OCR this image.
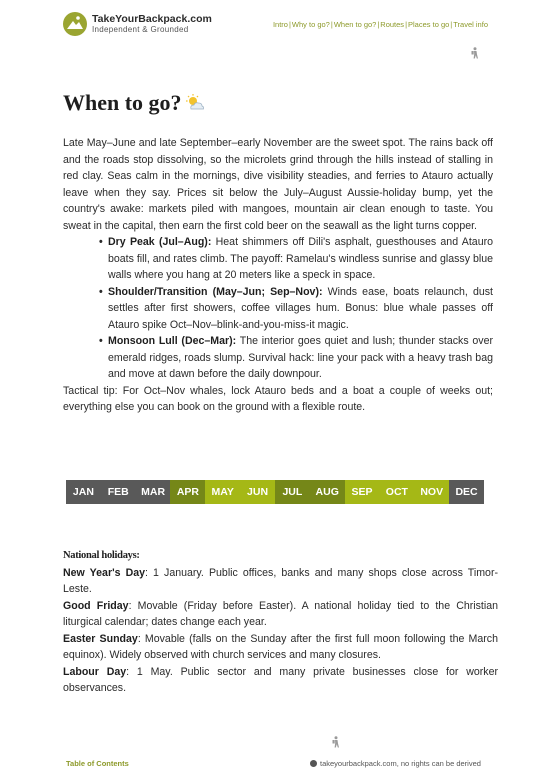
TakeYourBackpack.com
Independent & Grounded
Intro | Why to go? | When to go? | Routes | Places to go | Travel info
When to go?

Late May–June and late September–early November are the sweet spot. The rains back off and the roads stop dissolving, so the microlets grind through the hills instead of stalling in red clay. Seas calm in the mornings, dive visibility steadies, and ferries to Atauro actually leave when they say. Prices sit below the July–August Aussie-holiday bump, yet the country's awake: markets piled with mangoes, mountain air clean enough to taste. You sweat in the capital, then earn the first cold beer on the seawall as the light turns copper.

• Dry Peak (Jul–Aug): Heat shimmers off Dili's asphalt, guesthouses and Atauro boats fill, and rates climb. The payoff: Ramelau's windless sunrise and glassy blue walls where you hang at 20 meters like a speck in space.
• Shoulder/Transition (May–Jun; Sep–Nov): Winds ease, boats relaunch, dust settles after first showers, coffee villages hum. Bonus: blue whale passes off Atauro spike Oct–Nov–blink-and-you-miss-it magic.
• Monsoon Lull (Dec–Mar): The interior goes quiet and lush; thunder stacks over emerald ridges, roads slump. Survival hack: line your pack with a heavy trash bag and move at dawn before the daily downpour.

Tactical tip: For Oct–Nov whales, lock Atauro beds and a boat a couple of weeks out; everything else you can book on the ground with a flexible route.

JAN	FEB	MAR	APR	MAY	JUN	JUL	AUG	SEP	OCT	NOV	DEC
National holidays:

New Year's Day: 1 January. Public offices, banks and many shops close across Timor-Leste.

Good Friday: Movable (Friday before Easter). A national holiday tied to the Christian liturgical calendar; dates change each year.

Easter Sunday: Movable (falls on the Sunday after the first full moon following the March equinox). Widely observed with church services and many closures.

Labour Day: 1 May. Public sector and many private businesses close for worker observances.

Table of Contents	takeyourbackpack.com, no rights can be derived
